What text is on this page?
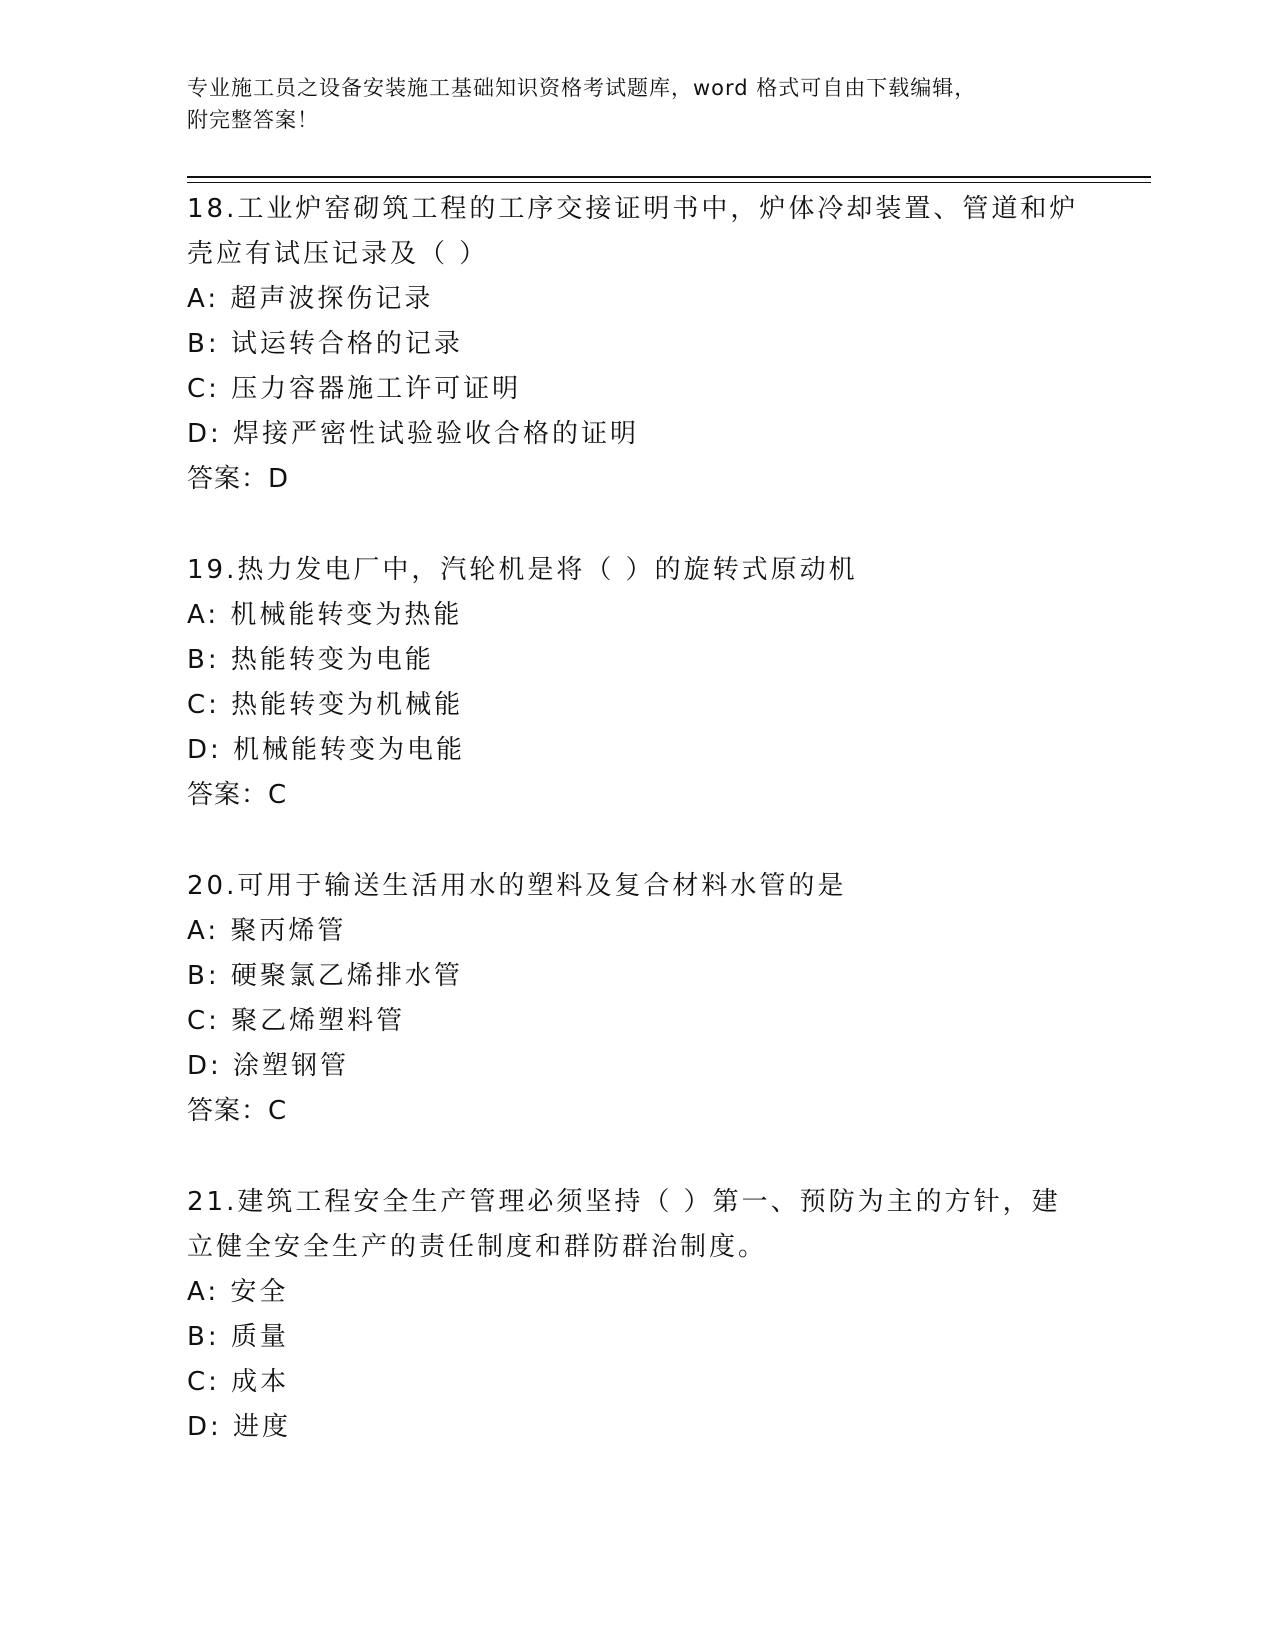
专业施工员之设备安装施工基础知识资格考试题库，word 格式可自由下载编辑，
附完整答案！
18.工业炉窑砌筑工程的工序交接证明书中，炉体冷却装置、管道和炉
壳应有试压记录及（ ）
A: 超声波探伤记录
B: 试运转合格的记录
C: 压力容器施工许可证明
D: 焊接严密性试验验收合格的证明
答案：D
19.热力发电厂中，汽轮机是将（ ）的旋转式原动机
A: 机械能转变为热能
B: 热能转变为电能
C: 热能转变为机械能
D: 机械能转变为电能
答案：C
20.可用于输送生活用水的塑料及复合材料水管的是
A: 聚丙烯管
B: 硬聚氯乙烯排水管
C: 聚乙烯塑料管
D: 涂塑钢管
答案：C
21.建筑工程安全生产管理必须坚持（ ）第一、预防为主的方针，建
立健全安全生产的责任制度和群防群治制度。
A: 安全
B: 质量
C: 成本
D: 进度
